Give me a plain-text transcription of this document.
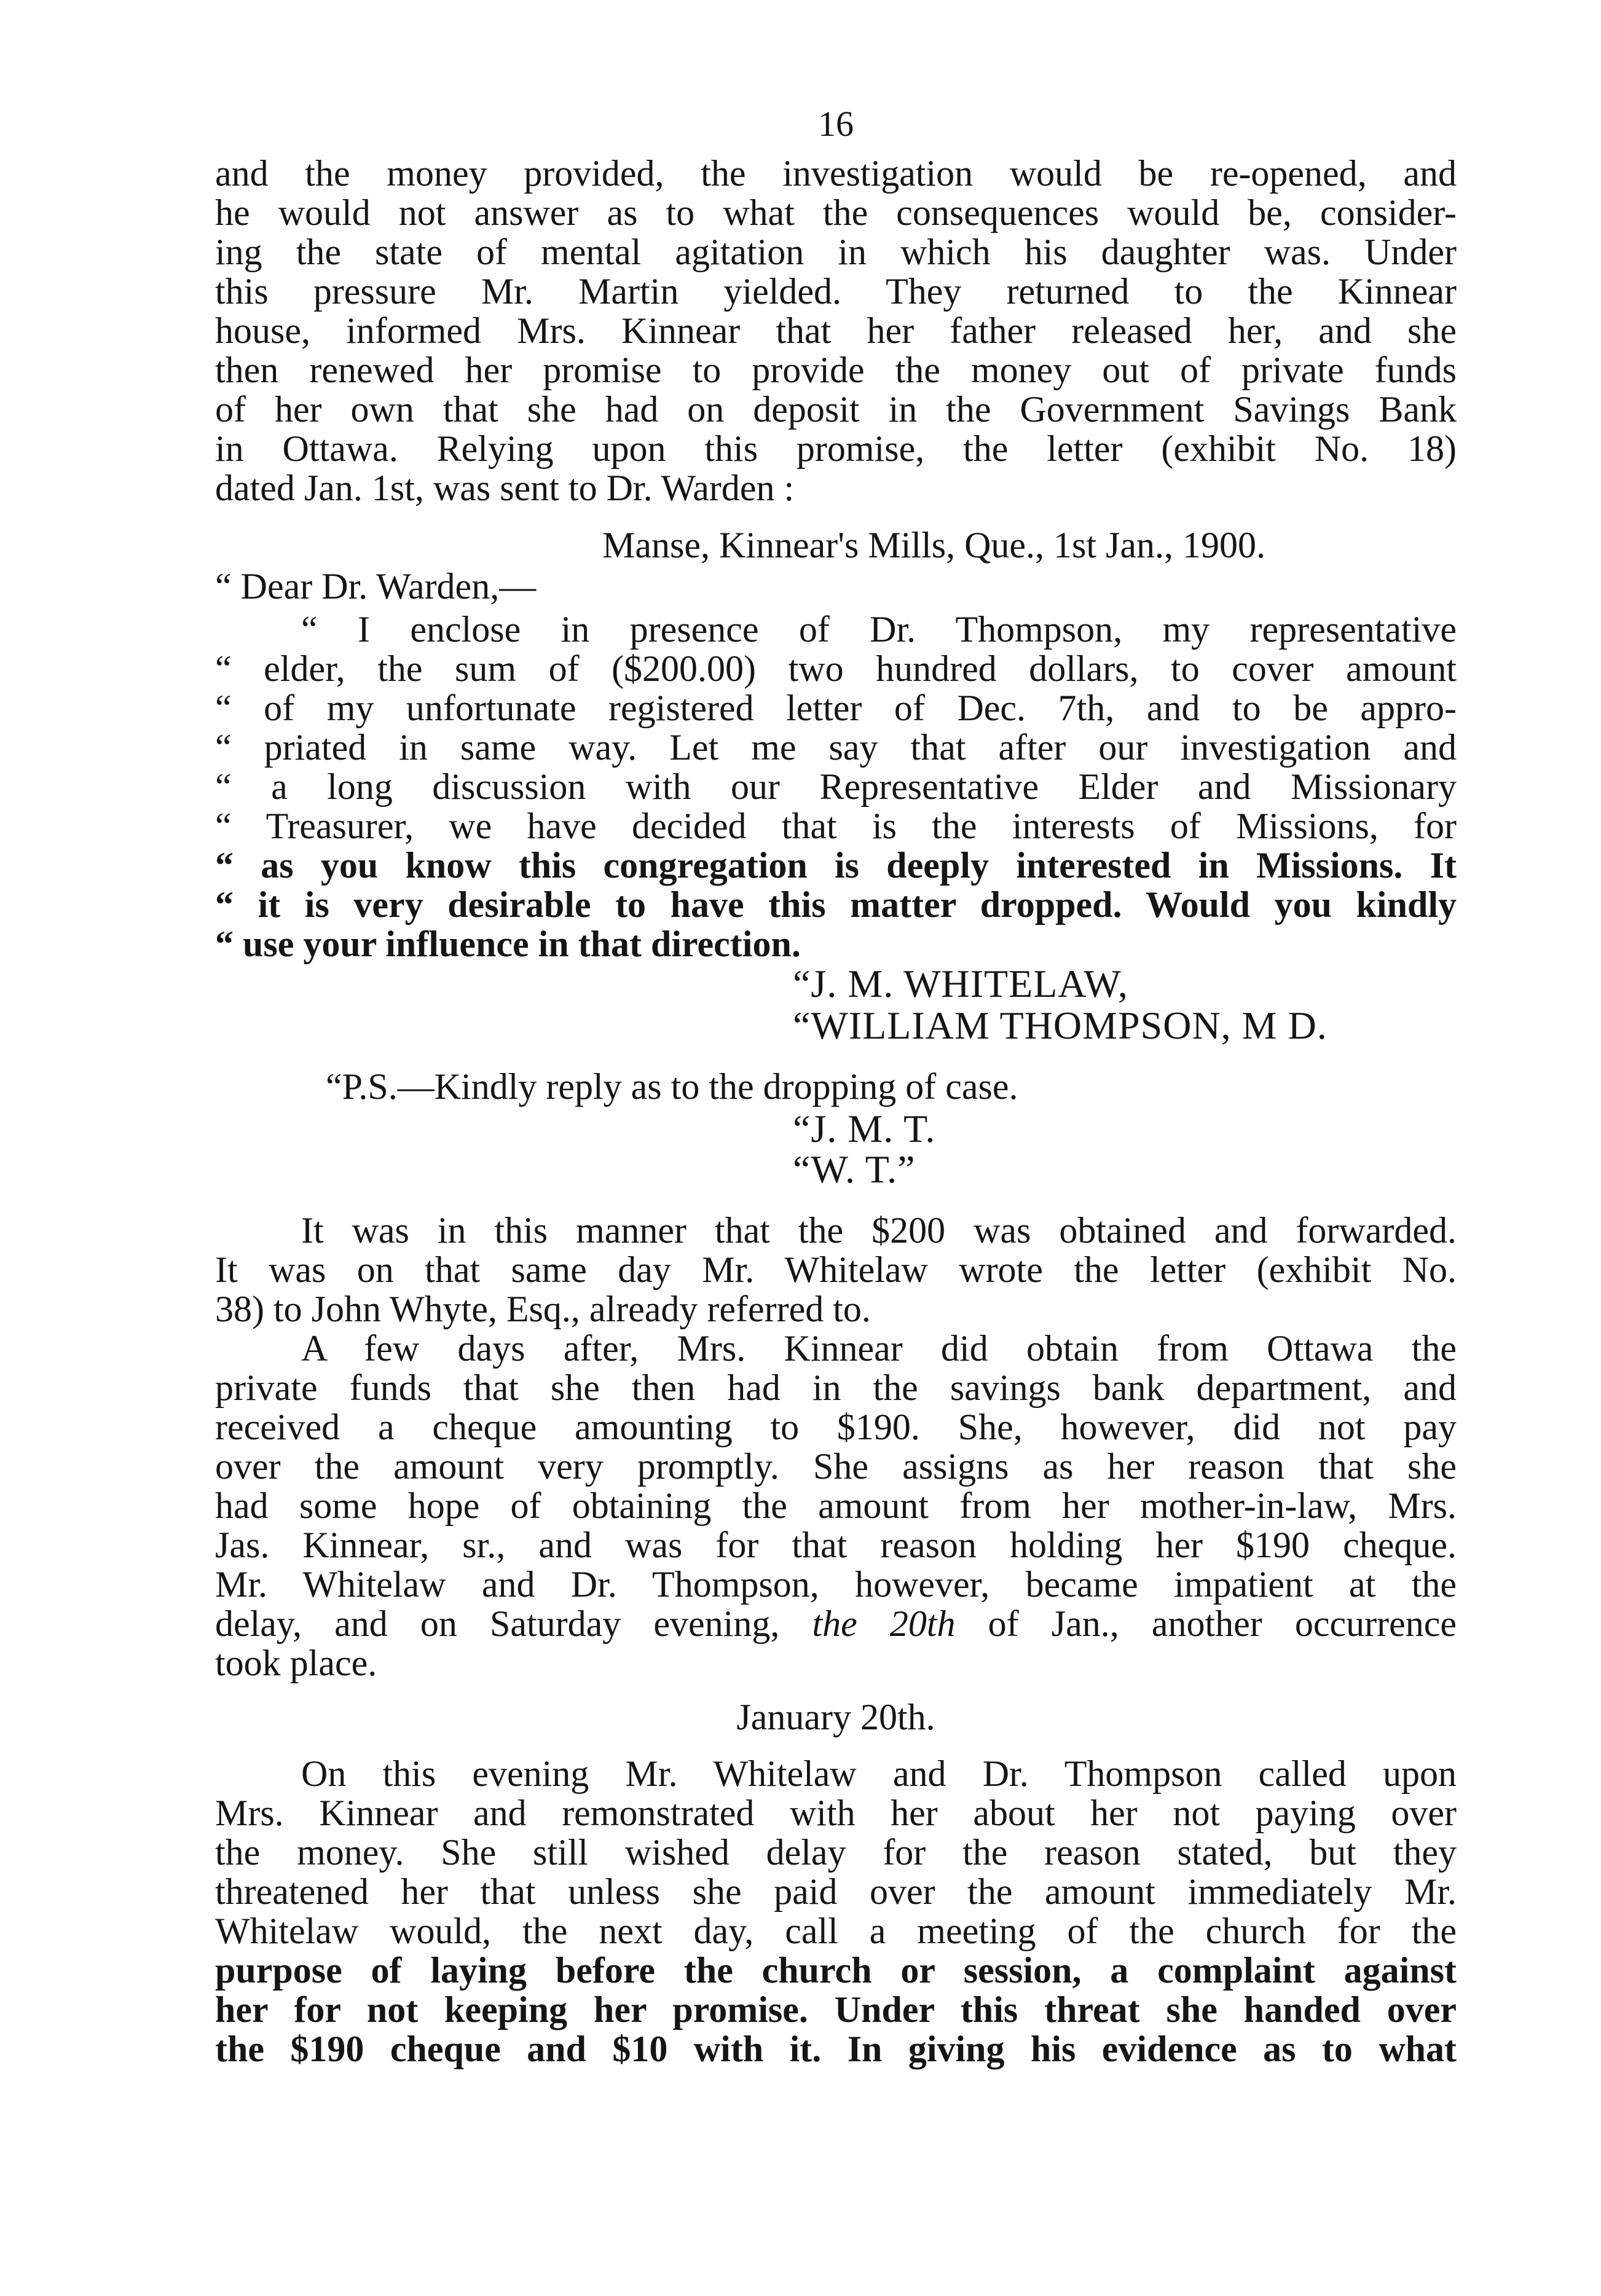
16
and the money provided, the investigation would be re-opened, and
he would not answer as to what the consequences would be, consider-
ing the state of mental agitation in which his daughter was. Under
this pressure Mr. Martin yielded. They returned to the Kinnear
house, informed Mrs. Kinnear that her father released her, and she
then renewed her promise to provide the money out of private funds
of her own that she had on deposit in the Government Savings Bank
in Ottawa. Relying upon this promise, the letter (exhibit No. 18)
dated Jan. 1st, was sent to Dr. Warden :
Manse, Kinnear's Mills, Que., 1st Jan., 1900.
“ Dear Dr. Warden,—
“ I enclose in presence of Dr. Thompson, my representative
“ elder, the sum of ($200.00) two hundred dollars, to cover amount
“ of my unfortunate registered letter of Dec. 7th, and to be appro-
“ priated in same way. Let me say that after our investigation and
“ a long discussion with our Representative Elder and Missionary
“ Treasurer, we have decided that is the interests of Missions, for
“ as you know this congregation is deeply interested in Missions. It
“ it is very desirable to have this matter dropped. Would you kindly
“ use your influence in that direction.
“J. M. WHITELAW,
“WILLIAM THOMPSON, M D.
“P.S.—Kindly reply as to the dropping of case.
“J. M. T.
“W. T.”
It was in this manner that the $200 was obtained and forwarded.
It was on that same day Mr. Whitelaw wrote the letter (exhibit No.
38) to John Whyte, Esq., already referred to.
A few days after, Mrs. Kinnear did obtain from Ottawa the
private funds that she then had in the savings bank department, and
received a cheque amounting to $190. She, however, did not pay
over the amount very promptly. She assigns as her reason that she
had some hope of obtaining the amount from her mother-in-law, Mrs.
Jas. Kinnear, sr., and was for that reason holding her $190 cheque.
Mr. Whitelaw and Dr. Thompson, however, became impatient at the
delay, and on Saturday evening, the 20th of Jan., another occurrence
took place.
January 20th.
On this evening Mr. Whitelaw and Dr. Thompson called upon
Mrs. Kinnear and remonstrated with her about her not paying over
the money. She still wished delay for the reason stated, but they
threatened her that unless she paid over the amount immediately Mr.
Whitelaw would, the next day, call a meeting of the church for the
purpose of laying before the church or session, a complaint against
her for not keeping her promise. Under this threat she handed over
the $190 cheque and $10 with it. In giving his evidence as to what
